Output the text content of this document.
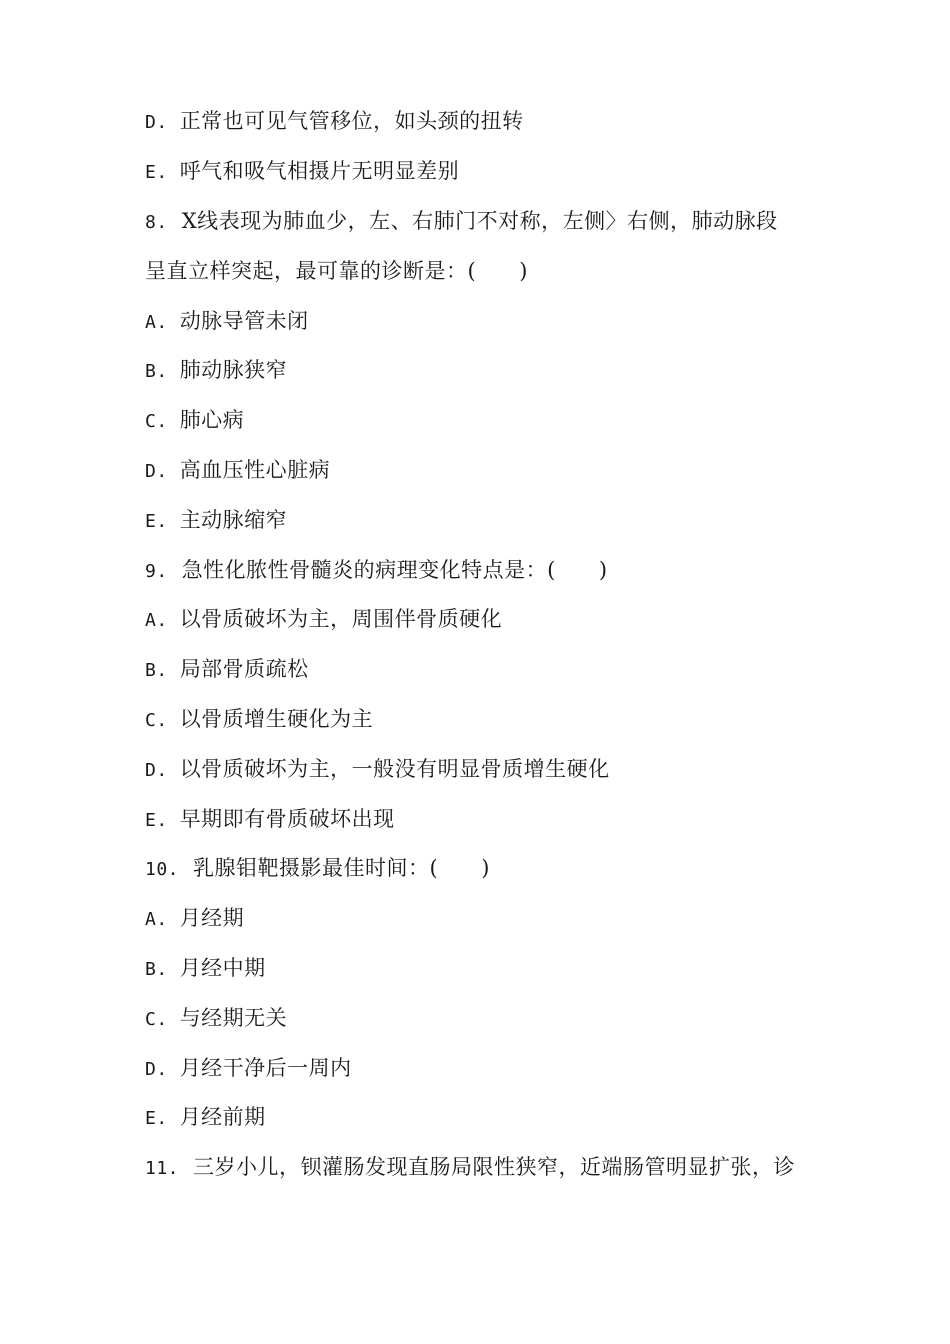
D. 正常也可见气管移位，如头颈的扭转
E. 呼气和吸气相摄片无明显差别
8. X线表现为肺血少，左、右肺门不对称，左侧〉右侧，肺动脉段
呈直立样突起，最可靠的诊断是：(　　)
A. 动脉导管未闭
B. 肺动脉狭窄
C. 肺心病
D. 高血压性心脏病
E. 主动脉缩窄
9. 急性化脓性骨髓炎的病理变化特点是：(　　)
A. 以骨质破坏为主，周围伴骨质硬化
B. 局部骨质疏松
C. 以骨质增生硬化为主
D. 以骨质破坏为主，一般没有明显骨质增生硬化
E. 早期即有骨质破坏出现
10. 乳腺钼靶摄影最佳时间：(　　)
A. 月经期
B. 月经中期
C. 与经期无关
D. 月经干净后一周内
E. 月经前期
11. 三岁小儿，钡灌肠发现直肠局限性狭窄，近端肠管明显扩张，诊
